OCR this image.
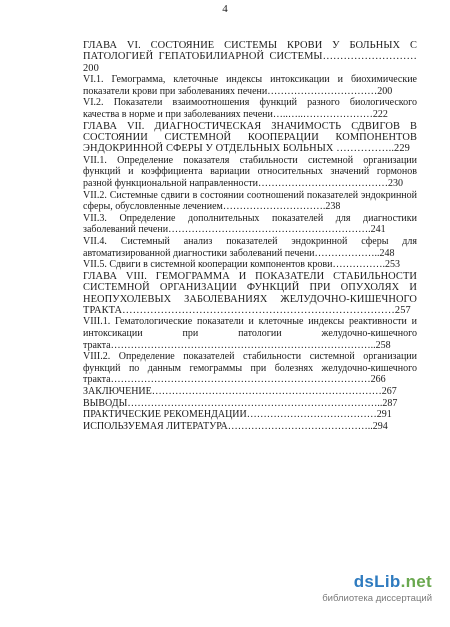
4

ГЛАВА VI. СОСТОЯНИЕ СИСТЕМЫ КРОВИ У БОЛЬНЫХ С ПАТОЛОГИЕЙ ГЕПАТОБИЛИАРНОЙ СИСТЕМЫ………………………200

VI.1. Гемограмма, клеточные индексы интоксикации и биохимические показатели крови при заболеваниях печени……………………………200

VI.2. Показатели взаимоотношения функций разного биологического качества в норме и при заболеваниях печени…..…..…………………222

ГЛАВА VII. ДИАГНОСТИЧЕСКАЯ ЗНАЧИМОСТЬ СДВИГОВ В СОСТОЯНИИ СИСТЕМНОЙ КООПЕРАЦИИ КОМПОНЕНТОВ ЭНДОКРИННОЙ СФЕРЫ У ОТДЕЛЬНЫХ БОЛЬНЫХ ……………..229

VII.1. Определение показателя стабильности системной организации функций и коэффициента вариации относительных значений гормонов разной функциональной направленности…………………………………230

VII.2. Системные сдвиги в состоянии соотношений показателей эндокринной сферы, обусловленные лечением………………………….238

VII.3. Определение дополнительных показателей для диагностики заболеваний печени…………………………………………………….241

VII.4. Системный анализ показателей эндокринной сферы для автоматизированной диагностики заболеваний печени………………..248

VII.5. Сдвиги в системной кооперации компонентов крови…………….253

ГЛАВА VIII. ГЕМОГРАММА И ПОКАЗАТЕЛИ СТАБИЛЬНОСТИ СИСТЕМНОЙ ОРГАНИЗАЦИИ ФУНКЦИЙ ПРИ ОПУХОЛЯХ И НЕОПУХОЛЕВЫХ ЗАБОЛЕВАНИЯХ ЖЕЛУДОЧНО-КИШЕЧНОГО ТРАКТА……………………………………………………………………257

VIII.1. Гематологические показатели и клеточные индексы реактивности и интоксикации при патологии желудочно-кишечного тракта……………………………………………………………………..258

VIII.2. Определение показателей стабильности системной организации функций по данным гемограммы при болезнях желудочно-кишечного тракта……………………………………………………………………266

ЗАКЛЮЧЕНИЕ……………………………………………………………267

ВЫВОДЫ…………………………………………………………………..287

ПРАКТИЧЕСКИЕ РЕКОМЕНДАЦИИ…………………………………291

ИСПОЛЬЗУЕМАЯ ЛИТЕРАТУРА……………………………………..294

dsLib.net
библиотека диссертаций
